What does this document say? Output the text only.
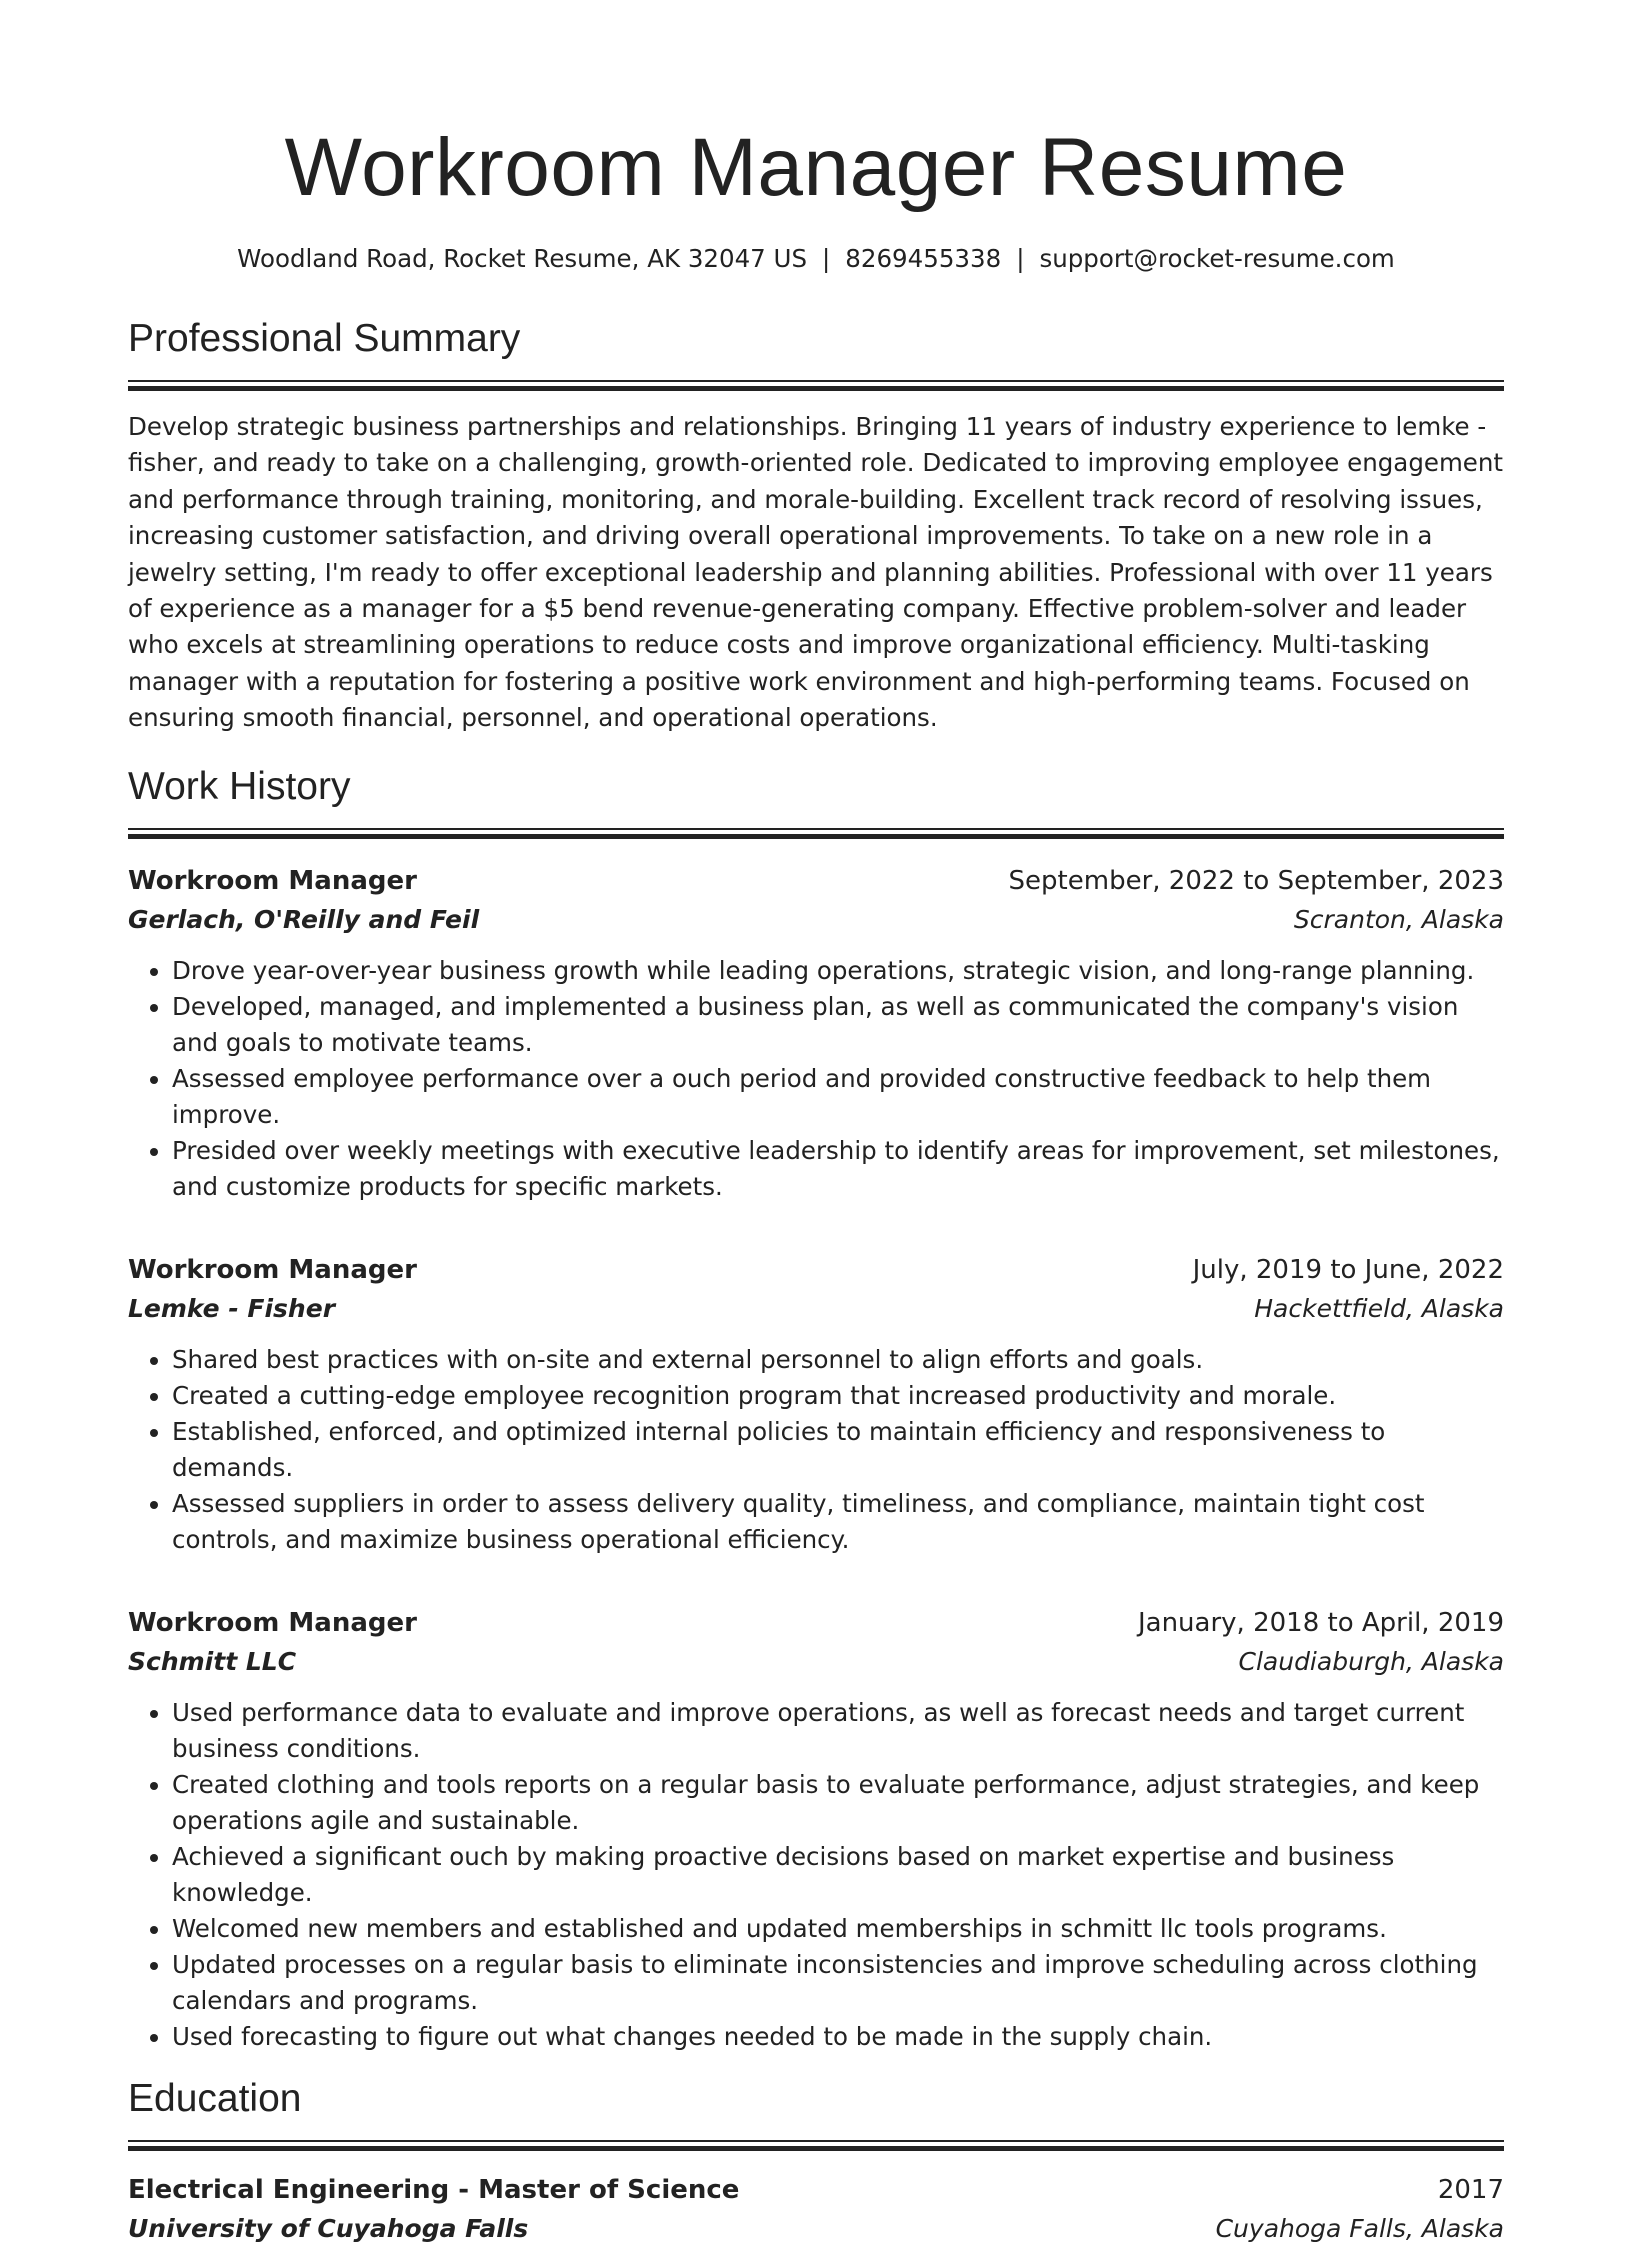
Workroom Manager Resume
Woodland Road, Rocket Resume, AK 32047 US | 8269455338 | support@rocket-resume.com
Professional Summary

Develop strategic business partnerships and relationships. Bringing 11 years of industry experience to lemke - fisher, and ready to take on a challenging, growth-oriented role. Dedicated to improving employee engagement and performance through training, monitoring, and morale-building. Excellent track record of resolving issues, increasing customer satisfaction, and driving overall operational improvements. To take on a new role in a jewelry setting, I'm ready to offer exceptional leadership and planning abilities. Professional with over 11 years of experience as a manager for a $5 bend revenue-generating company. Effective problem-solver and leader who excels at streamlining operations to reduce costs and improve organizational efficiency. Multi-tasking manager with a reputation for fostering a positive work environment and high-performing teams. Focused on ensuring smooth financial, personnel, and operational operations.

Work History
Workroom Manager	September, 2022 to September, 2023
Gerlach, O'Reilly and Feil	Scranton, Alaska
• Drove year-over-year business growth while leading operations, strategic vision, and long-range planning.
• Developed, managed, and implemented a business plan, as well as communicated the company's vision and goals to motivate teams.
• Assessed employee performance over a ouch period and provided constructive feedback to help them improve.
• Presided over weekly meetings with executive leadership to identify areas for improvement, set milestones, and customize products for specific markets.
Workroom Manager	July, 2019 to June, 2022
Lemke - Fisher	Hackettfield, Alaska
• Shared best practices with on-site and external personnel to align efforts and goals.
• Created a cutting-edge employee recognition program that increased productivity and morale.
• Established, enforced, and optimized internal policies to maintain efficiency and responsiveness to demands.
• Assessed suppliers in order to assess delivery quality, timeliness, and compliance, maintain tight cost controls, and maximize business operational efficiency.
Workroom Manager	January, 2018 to April, 2019
Schmitt LLC	Claudiaburgh, Alaska
• Used performance data to evaluate and improve operations, as well as forecast needs and target current business conditions.
• Created clothing and tools reports on a regular basis to evaluate performance, adjust strategies, and keep operations agile and sustainable.
• Achieved a significant ouch by making proactive decisions based on market expertise and business knowledge.
• Welcomed new members and established and updated memberships in schmitt llc tools programs.
• Updated processes on a regular basis to eliminate inconsistencies and improve scheduling across clothing calendars and programs.
• Used forecasting to figure out what changes needed to be made in the supply chain.
Education
Electrical Engineering - Master of Science	2017
University of Cuyahoga Falls	Cuyahoga Falls, Alaska
